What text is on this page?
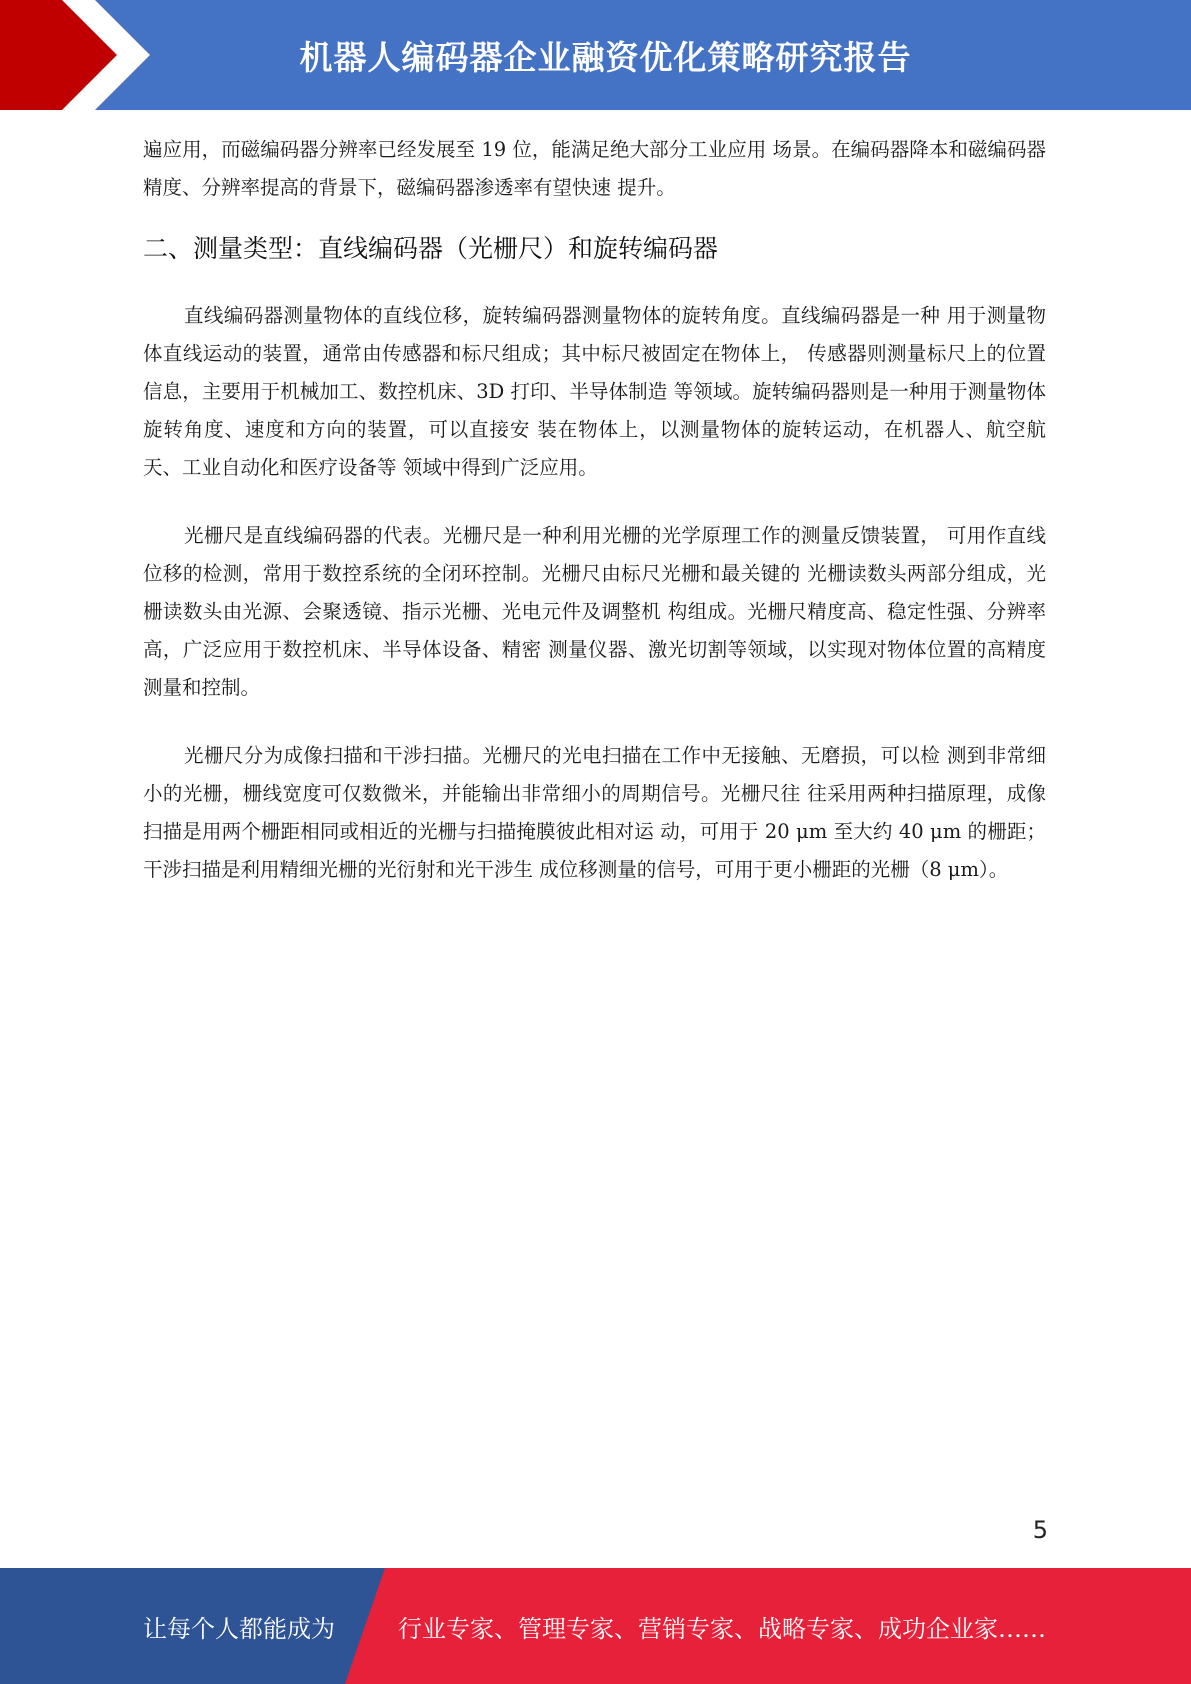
机器人编码器企业融资优化策略研究报告

遍应用，而磁编码器分辨率已经发展至 19 位，能满足绝大部分工业应用 场景。在编码器降本和磁编码器精度、分辨率提高的背景下，磁编码器渗透率有望快速 提升。

二、测量类型：直线编码器（光栅尺）和旋转编码器

直线编码器测量物体的直线位移，旋转编码器测量物体的旋转角度。直线编码器是一种 用于测量物体直线运动的装置，通常由传感器和标尺组成；其中标尺被固定在物体上， 传感器则测量标尺上的位置信息，主要用于机械加工、数控机床、3D 打印、半导体制造 等领域。旋转编码器则是一种用于测量物体旋转角度、速度和方向的装置，可以直接安 装在物体上，以测量物体的旋转运动，在机器人、航空航天、工业自动化和医疗设备等 领域中得到广泛应用。

光栅尺是直线编码器的代表。光栅尺是一种利用光栅的光学原理工作的测量反馈装置， 可用作直线位移的检测，常用于数控系统的全闭环控制。光栅尺由标尺光栅和最关键的 光栅读数头两部分组成，光栅读数头由光源、会聚透镜、指示光栅、光电元件及调整机 构组成。光栅尺精度高、稳定性强、分辨率高，广泛应用于数控机床、半导体设备、精密 测量仪器、激光切割等领域，以实现对物体位置的高精度测量和控制。

光栅尺分为成像扫描和干涉扫描。光栅尺的光电扫描在工作中无接触、无磨损，可以检 测到非常细小的光栅，栅线宽度可仅数微米，并能输出非常细小的周期信号。光栅尺往 往采用两种扫描原理，成像扫描是用两个栅距相同或相近的光栅与扫描掩膜彼此相对运 动，可用于 20 μm 至大约 40 μm 的栅距；干涉扫描是利用精细光栅的光衍射和光干涉生 成位移测量的信号，可用于更小栅距的光栅（8 μm）。

5
让每个人都能成为	行业专家、管理专家、营销专家、战略专家、成功企业家……
